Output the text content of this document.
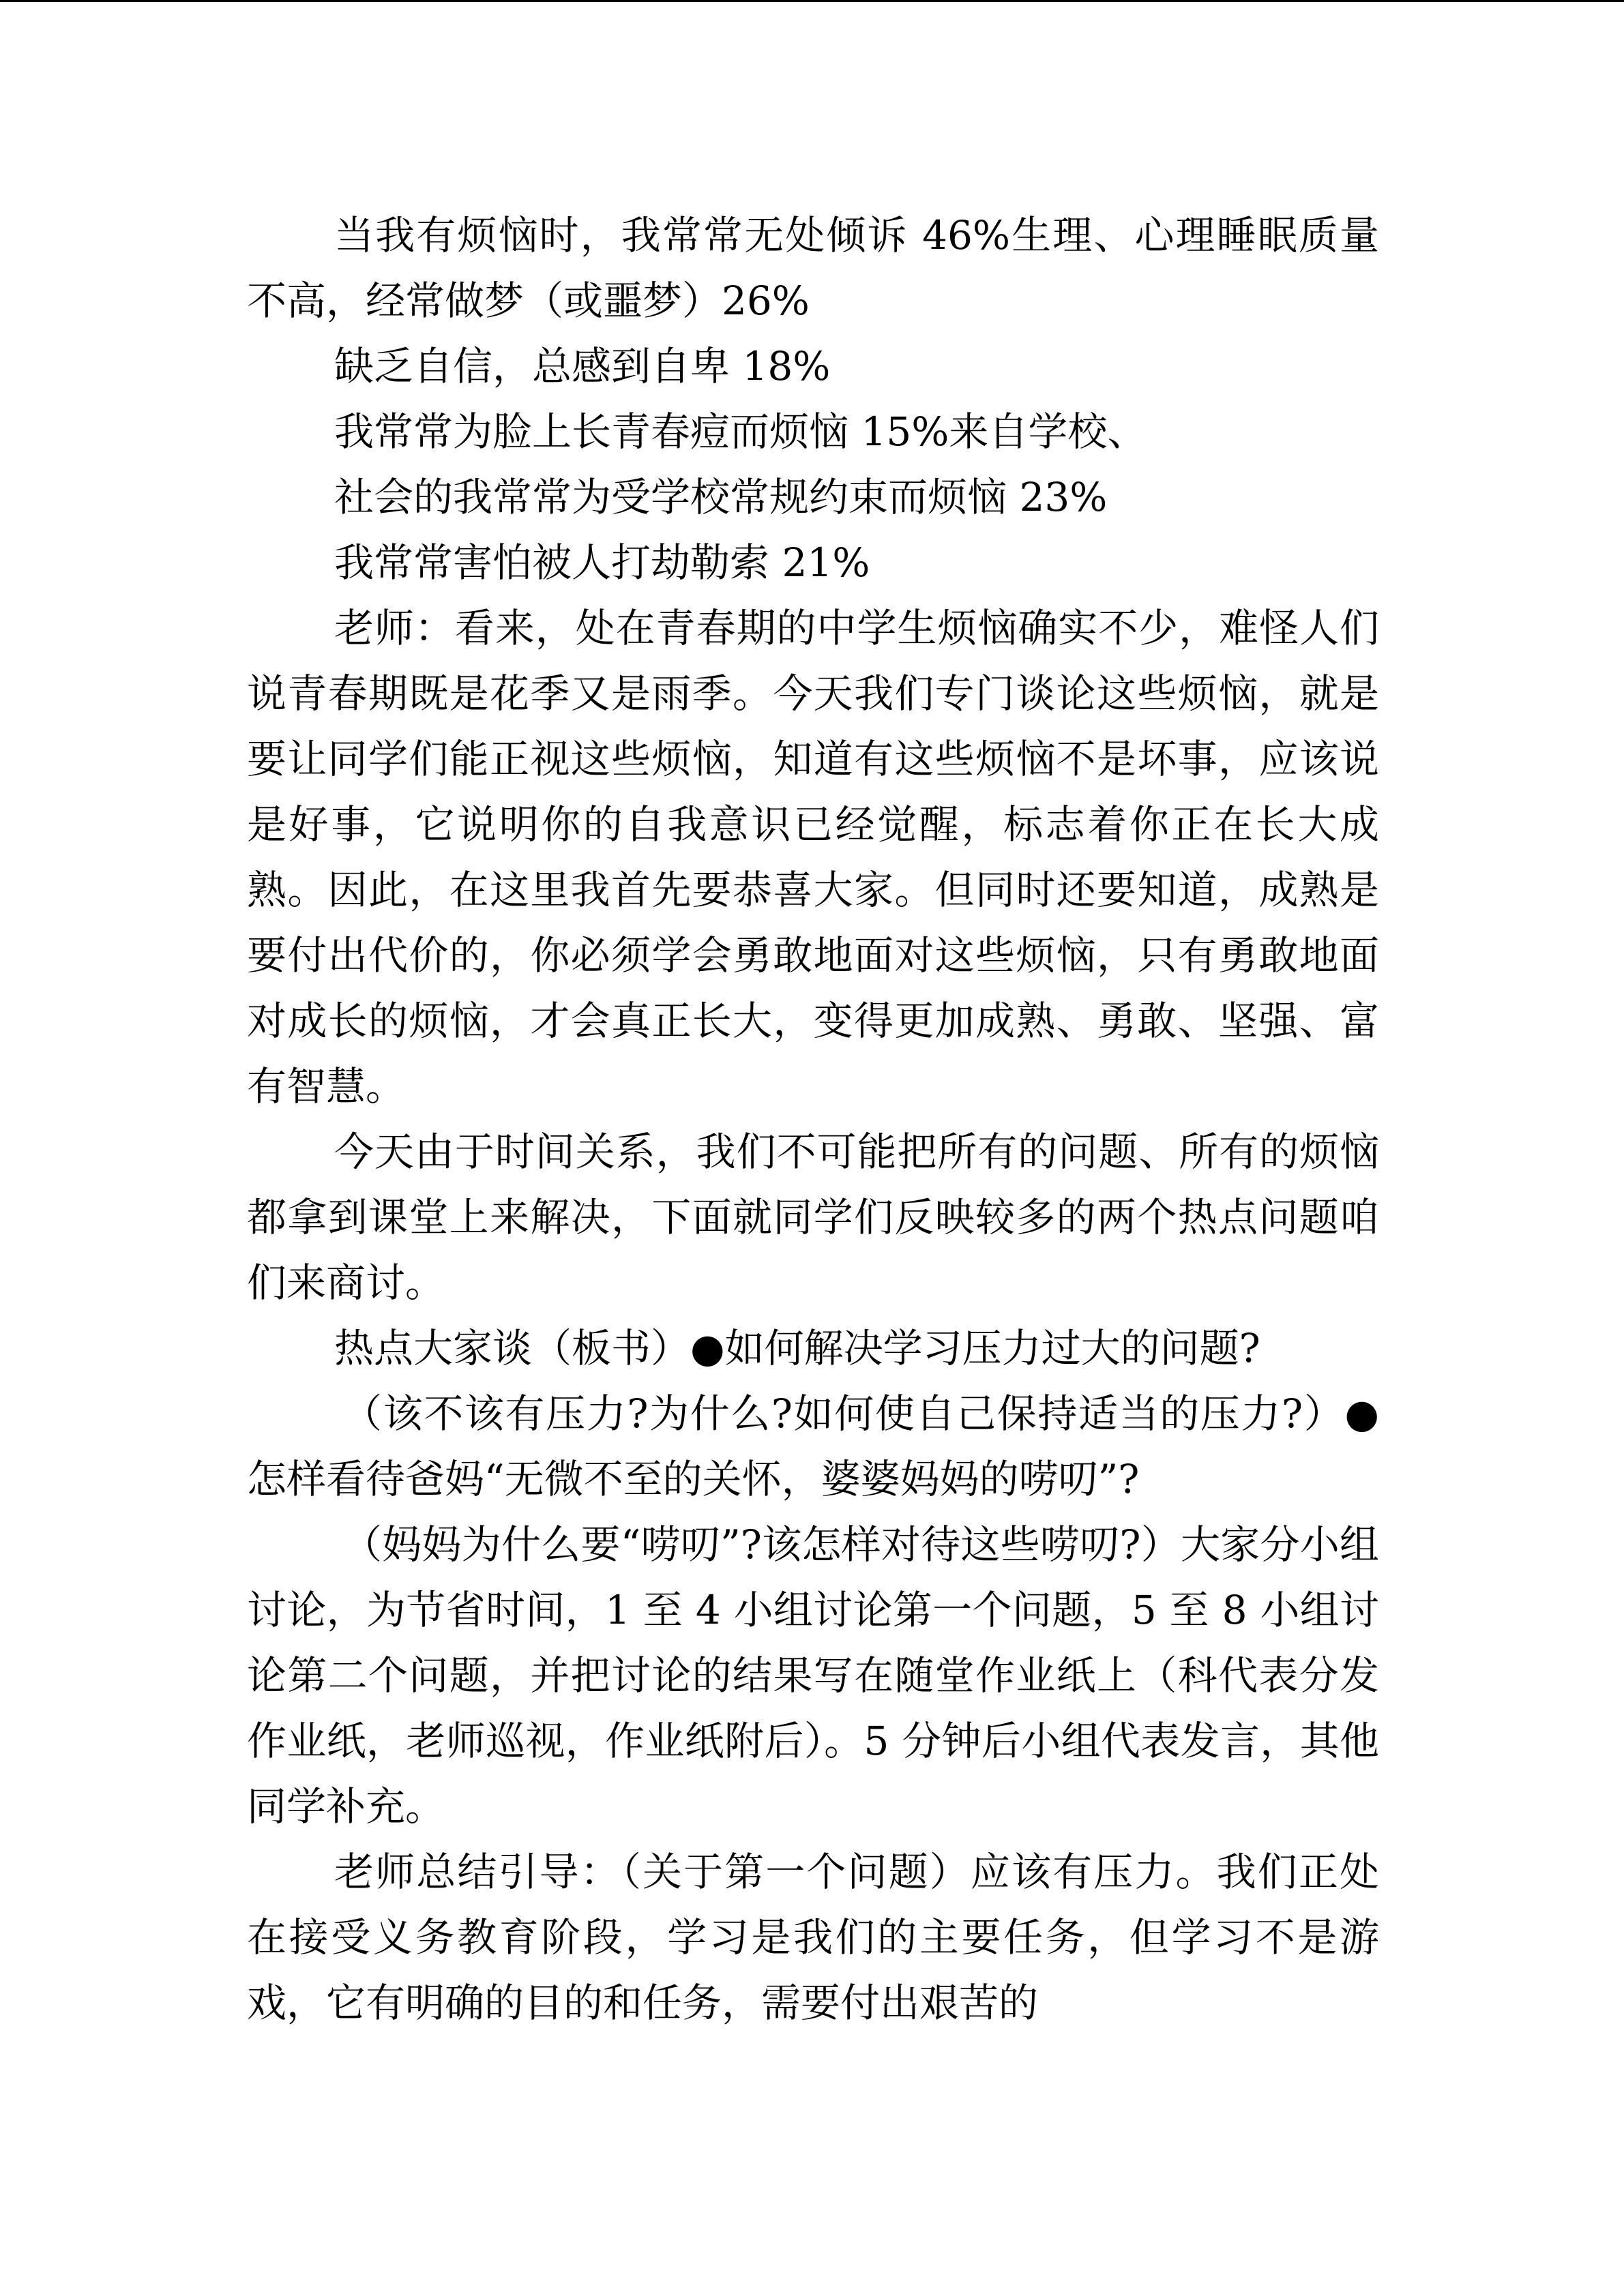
当我有烦恼时，我常常无处倾诉 46%生理、心理睡眠质量不高，经常做梦（或噩梦）26%

缺乏自信，总感到自卑 18%

我常常为脸上长青春痘而烦恼 15%来自学校、

社会的我常常为受学校常规约束而烦恼 23%

我常常害怕被人打劫勒索 21%

老师：看来，处在青春期的中学生烦恼确实不少，难怪人们说青春期既是花季又是雨季。今天我们专门谈论这些烦恼，就是要让同学们能正视这些烦恼，知道有这些烦恼不是坏事，应该说是好事，它说明你的自我意识已经觉醒，标志着你正在长大成熟。因此，在这里我首先要恭喜大家。但同时还要知道，成熟是要付出代价的，你必须学会勇敢地面对这些烦恼，只有勇敢地面对成长的烦恼，才会真正长大，变得更加成熟、勇敢、坚强、富有智慧。

今天由于时间关系，我们不可能把所有的问题、所有的烦恼都拿到课堂上来解决，下面就同学们反映较多的两个热点问题咱们来商讨。

热点大家谈（板书）●如何解决学习压力过大的问题?

（该不该有压力?为什么?如何使自己保持适当的压力?）●怎样看待爸妈“无微不至的关怀，婆婆妈妈的唠叨”?

（妈妈为什么要“唠叨”?该怎样对待这些唠叨?）大家分小组讨论，为节省时间，1 至 4 小组讨论第一个问题，5 至 8 小组讨论第二个问题，并把讨论的结果写在随堂作业纸上（科代表分发作业纸，老师巡视，作业纸附后）。5 分钟后小组代表发言，其他同学补充。

老师总结引导：（关于第一个问题）应该有压力。我们正处在接受义务教育阶段，学习是我们的主要任务，但学习不是游戏，它有明确的目的和任务，需要付出艰苦的
